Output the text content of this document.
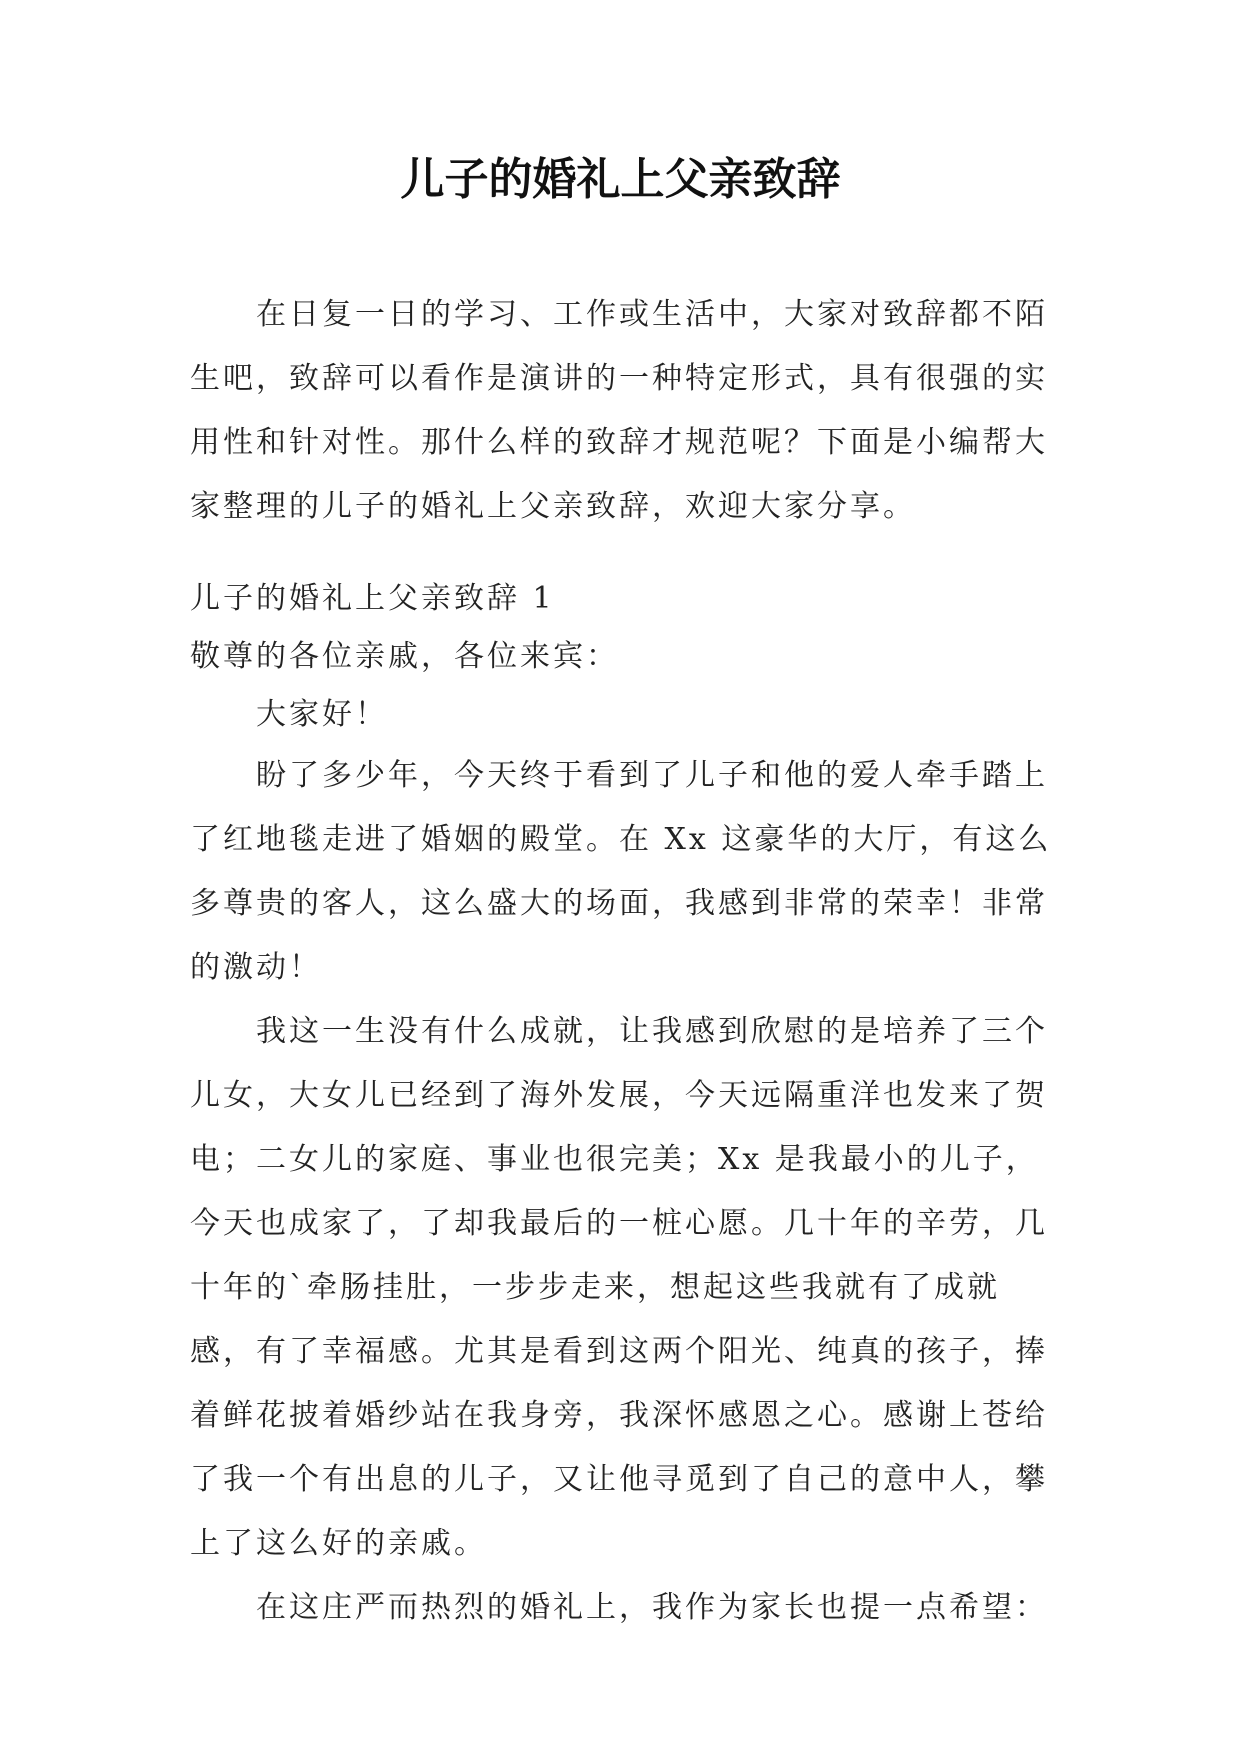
儿子的婚礼上父亲致辞

在日复一日的学习、工作或生活中，大家对致辞都不陌生吧，致辞可以看作是演讲的一种特定形式，具有很强的实用性和针对性。那什么样的致辞才规范呢？下面是小编帮大家整理的儿子的婚礼上父亲致辞，欢迎大家分享。

儿子的婚礼上父亲致辞 1

敬尊的各位亲戚，各位来宾：

大家好！

盼了多少年，今天终于看到了儿子和他的爱人牵手踏上了红地毯走进了婚姻的殿堂。在 Xx 这豪华的大厅，有这么多尊贵的客人，这么盛大的场面，我感到非常的荣幸！非常的激动！

我这一生没有什么成就，让我感到欣慰的是培养了三个儿女，大女儿已经到了海外发展，今天远隔重洋也发来了贺电；二女儿的家庭、事业也很完美；Xx 是我最小的儿子，今天也成家了，了却我最后的一桩心愿。几十年的辛劳，几十年的`牵肠挂肚，一步步走来，想起这些我就有了成就感，有了幸福感。尤其是看到这两个阳光、纯真的孩子，捧着鲜花披着婚纱站在我身旁，我深怀感恩之心。感谢上苍给了我一个有出息的儿子，又让他寻觅到了自己的意中人，攀上了这么好的亲戚。

在这庄严而热烈的婚礼上，我作为家长也提一点希望：
